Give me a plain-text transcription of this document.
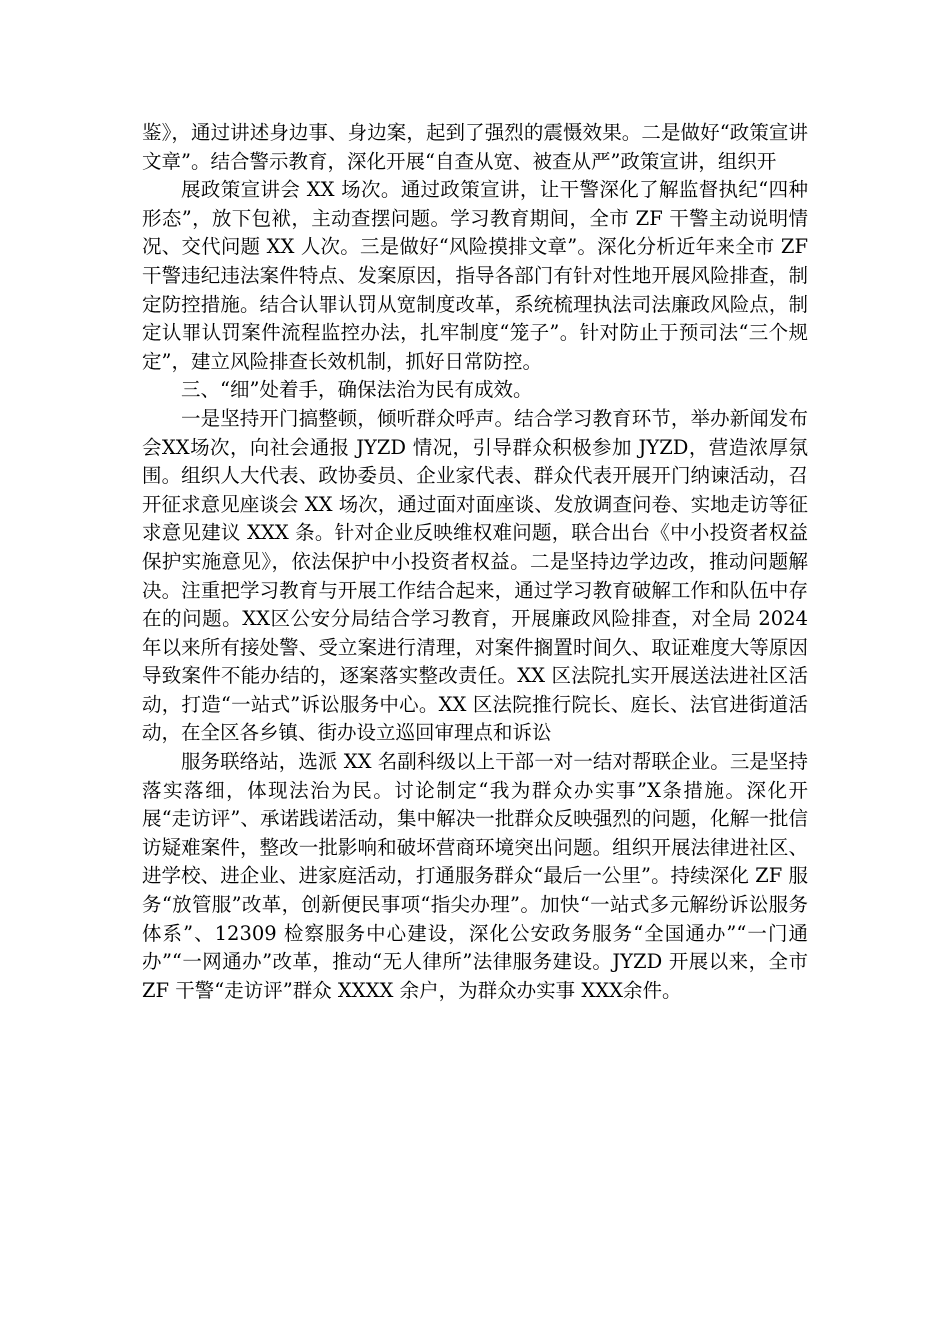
鉴》，通过讲述身边事、身边案，起到了强烈的震慑效果。二是做好“政策宣讲文章”。结合警示教育，深化开展“自查从宽、被查从严”政策宣讲，组织开

展政策宣讲会 XX 场次。通过政策宣讲，让干警深化了解监督执纪“四种形态”，放下包袱，主动查摆问题。学习教育期间，全市 ZF 干警主动说明情况、交代问题 XX 人次。三是做好“风险摸排文章”。深化分析近年来全市 ZF 干警违纪违法案件特点、发案原因，指导各部门有针对性地开展风险排查，制定防控措施。结合认罪认罚从宽制度改革，系统梳理执法司法廉政风险点，制定认罪认罚案件流程监控办法，扎牢制度“笼子”。针对防止于预司法“三个规定”，建立风险排查长效机制，抓好日常防控。

三、“细”处着手，确保法治为民有成效。

一是坚持开门搞整顿，倾听群众呼声。结合学习教育环节，举办新闻发布会XX场次，向社会通报 JYZD 情况，引导群众积极参加 JYZD，营造浓厚氛围。组织人大代表、政协委员、企业家代表、群众代表开展开门纳谏活动，召开征求意见座谈会 XX 场次，通过面对面座谈、发放调查问卷、实地走访等征求意见建议 XXX 条。针对企业反映维权难问题，联合出台《中小投资者权益保护实施意见》，依法保护中小投资者权益。二是坚持边学边改，推动问题解决。注重把学习教育与开展工作结合起来，通过学习教育破解工作和队伍中存在的问题。XX区公安分局结合学习教育，开展廉政风险排查，对全局 2024 年以来所有接处警、受立案进行清理，对案件搁置时间久、取证难度大等原因导致案件不能办结的，逐案落实整改责任。XX 区法院扎实开展送法进社区活动，打造“一站式”诉讼服务中心。XX 区法院推行院长、庭长、法官进街道活动，在全区各乡镇、街办设立巡回审理点和诉讼

服务联络站，选派 XX 名副科级以上干部一对一结对帮联企业。三是坚持落实落细，体现法治为民。讨论制定“我为群众办实事”X条措施。深化开展“走访评”、承诺践诺活动，集中解决一批群众反映强烈的问题，化解一批信访疑难案件，整改一批影响和破坏营商环境突出问题。组织开展法律进社区、进学校、进企业、进家庭活动，打通服务群众“最后一公里”。持续深化 ZF 服务“放管服”改革，创新便民事项“指尖办理”。加快“一站式多元解纷诉讼服务体系”、12309 检察服务中心建设，深化公安政务服务“全国通办”“一门通办”“一网通办”改革，推动“无人律所”法律服务建设。JYZD 开展以来，全市 ZF 干警“走访评”群众 XXXX 余户，为群众办实事 XXX余件。
